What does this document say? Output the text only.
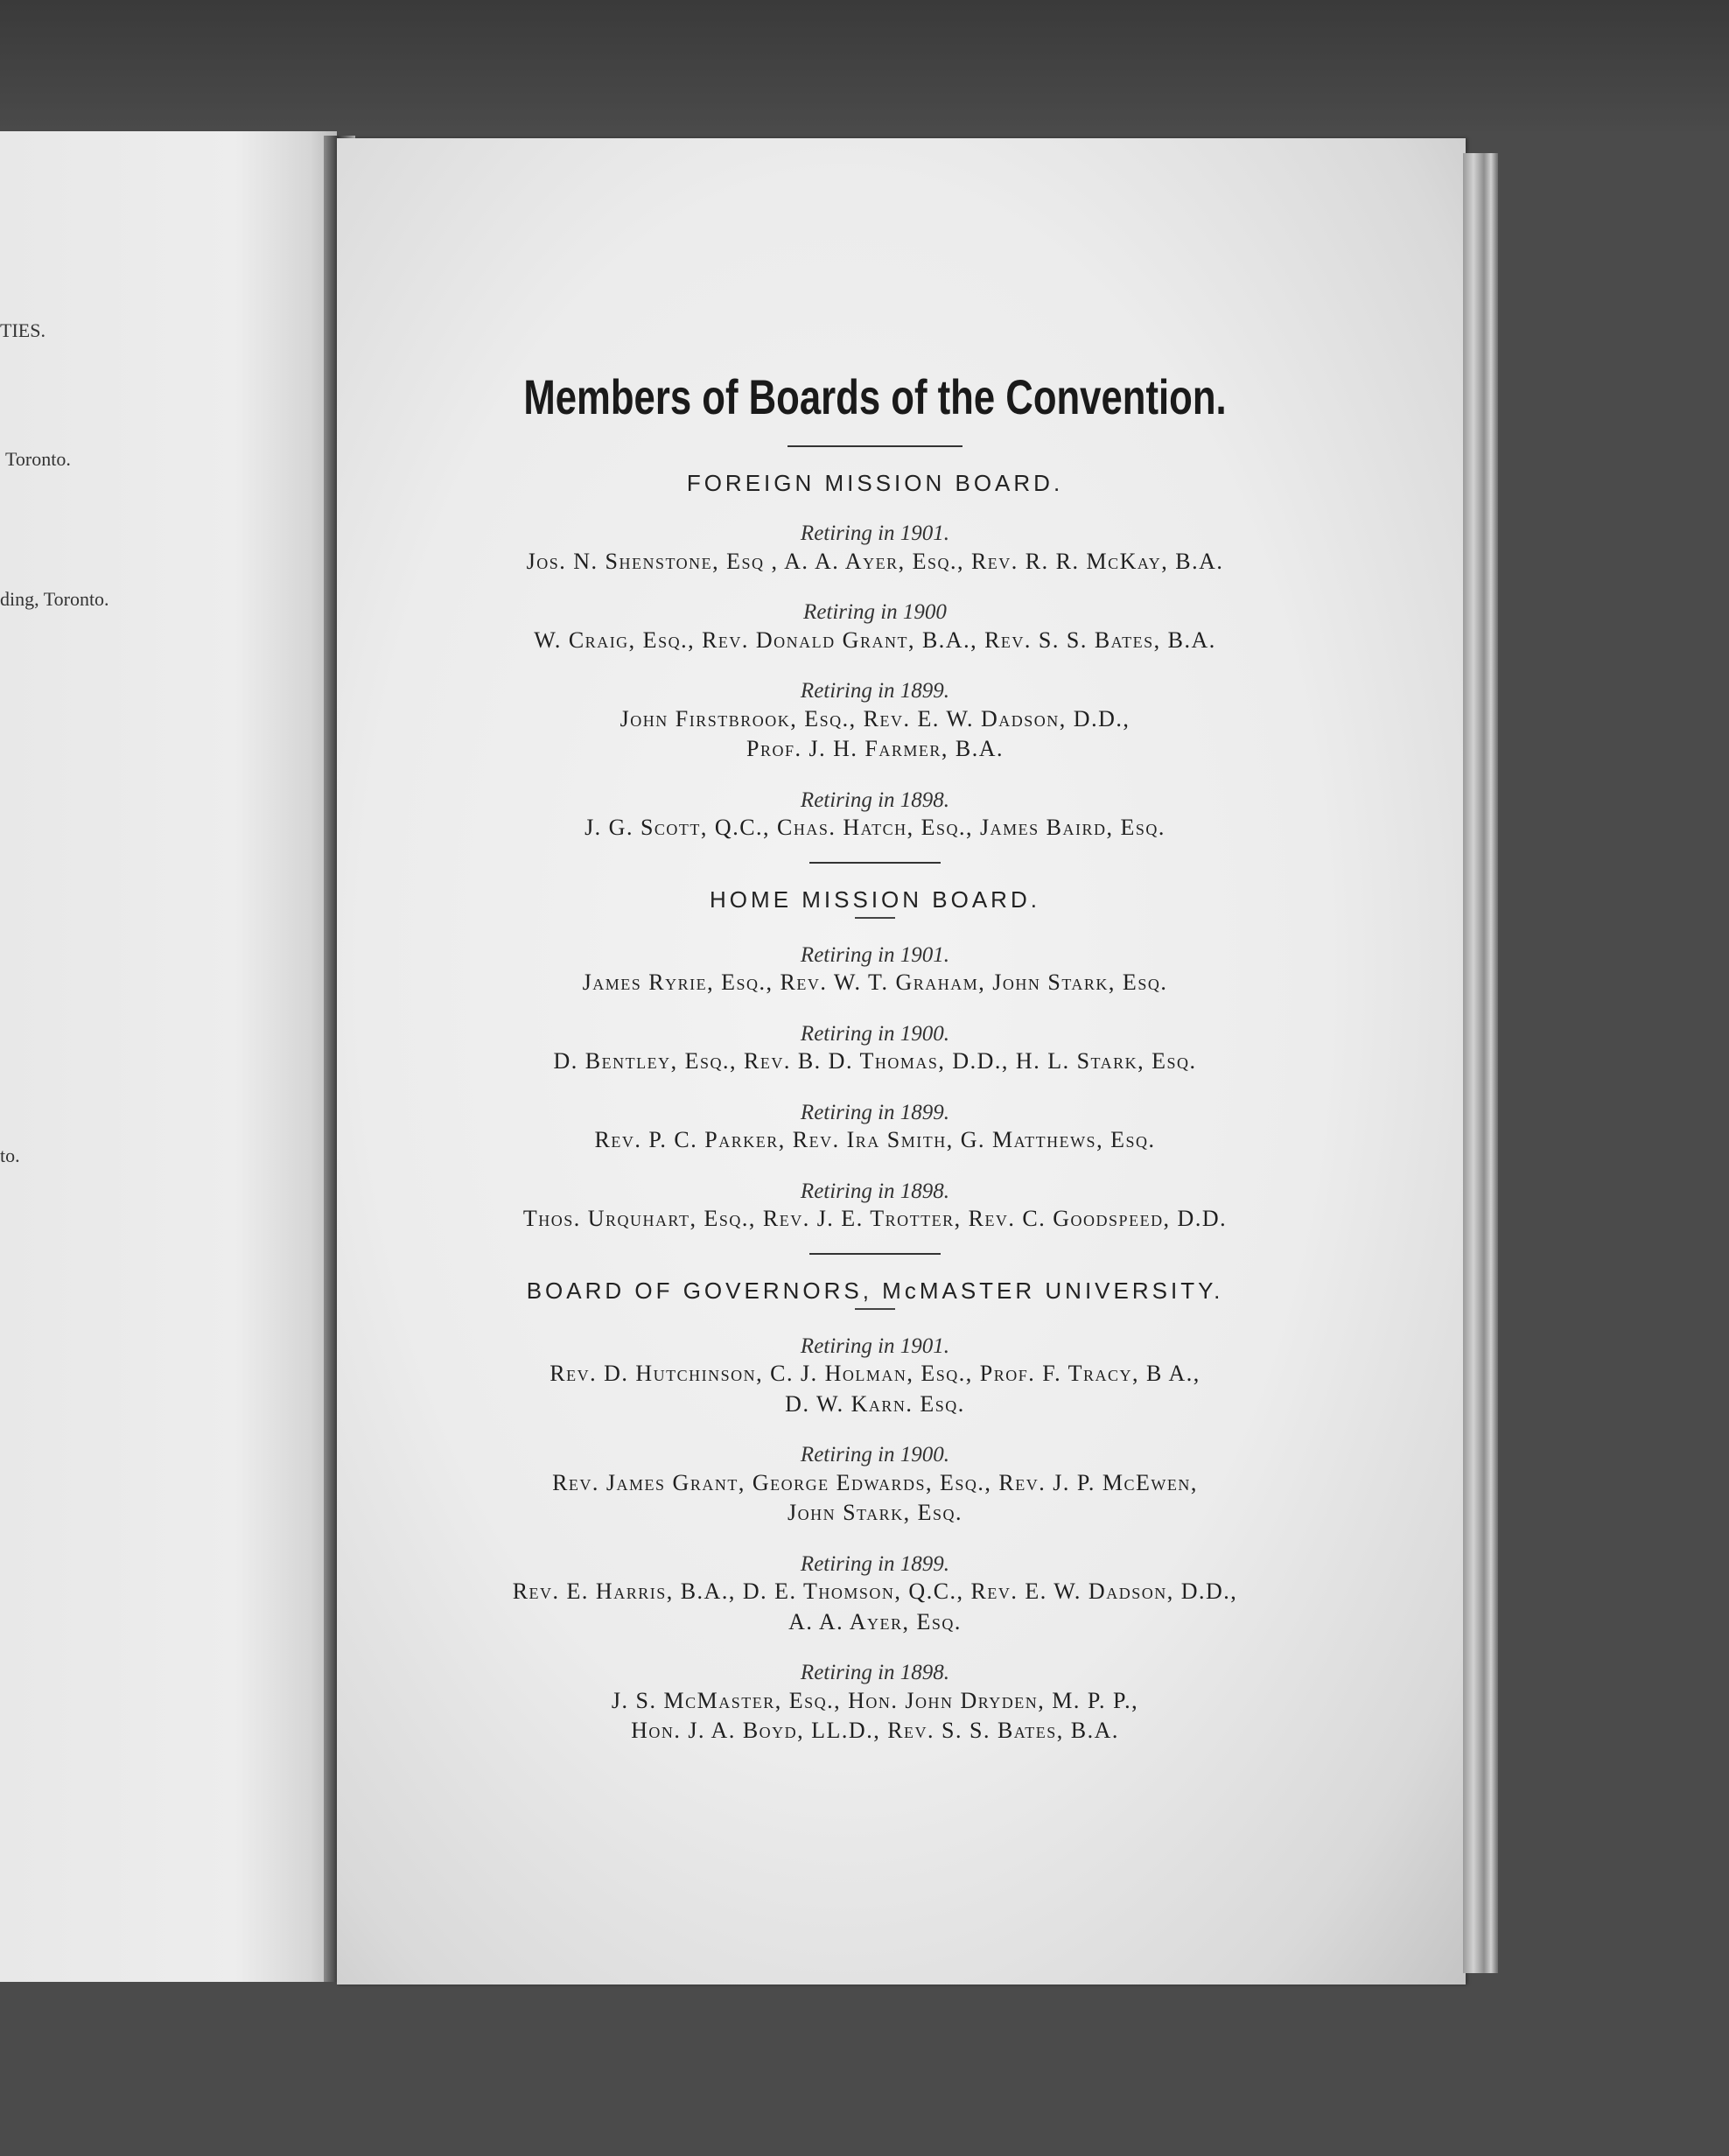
TIES.
Toronto.
ding, Toronto.
to.
Members of Boards of the Convention.
FOREIGN MISSION BOARD.
Retiring in 1901.
Jos. N. Shenstone, Esq , A. A. Ayer, Esq., Rev. R. R. McKay, B.A.
Retiring in 1900
W. Craig, Esq., Rev. Donald Grant, B.A., Rev. S. S. Bates, B.A.
Retiring in 1899.
John Firstbrook, Esq., Rev. E. W. Dadson, D.D.,
Prof. J. H. Farmer, B.A.
Retiring in 1898.
J. G. Scott, Q.C., Chas. Hatch, Esq., James Baird, Esq.
HOME MISSION BOARD.
Retiring in 1901.
James Ryrie, Esq., Rev. W. T. Graham, John Stark, Esq.
Retiring in 1900.
D. Bentley, Esq., Rev. B. D. Thomas, D.D., H. L. Stark, Esq.
Retiring in 1899.
Rev. P. C. Parker, Rev. Ira Smith, G. Matthews, Esq.
Retiring in 1898.
Thos. Urquhart, Esq., Rev. J. E. Trotter, Rev. C. Goodspeed, D.D.
BOARD OF GOVERNORS, McMASTER UNIVERSITY.
Retiring in 1901.
Rev. D. Hutchinson, C. J. Holman, Esq., Prof. F. Tracy, B A.,
D. W. Karn. Esq.
Retiring in 1900.
Rev. James Grant, George Edwards, Esq., Rev. J. P. McEwen,
John Stark, Esq.
Retiring in 1899.
Rev. E. Harris, B.A., D. E. Thomson, Q.C., Rev. E. W. Dadson, D.D.,
A. A. Ayer, Esq.
Retiring in 1898.
J. S. McMaster, Esq., Hon. John Dryden, M. P. P.,
Hon. J. A. Boyd, LL.D., Rev. S. S. Bates, B.A.
